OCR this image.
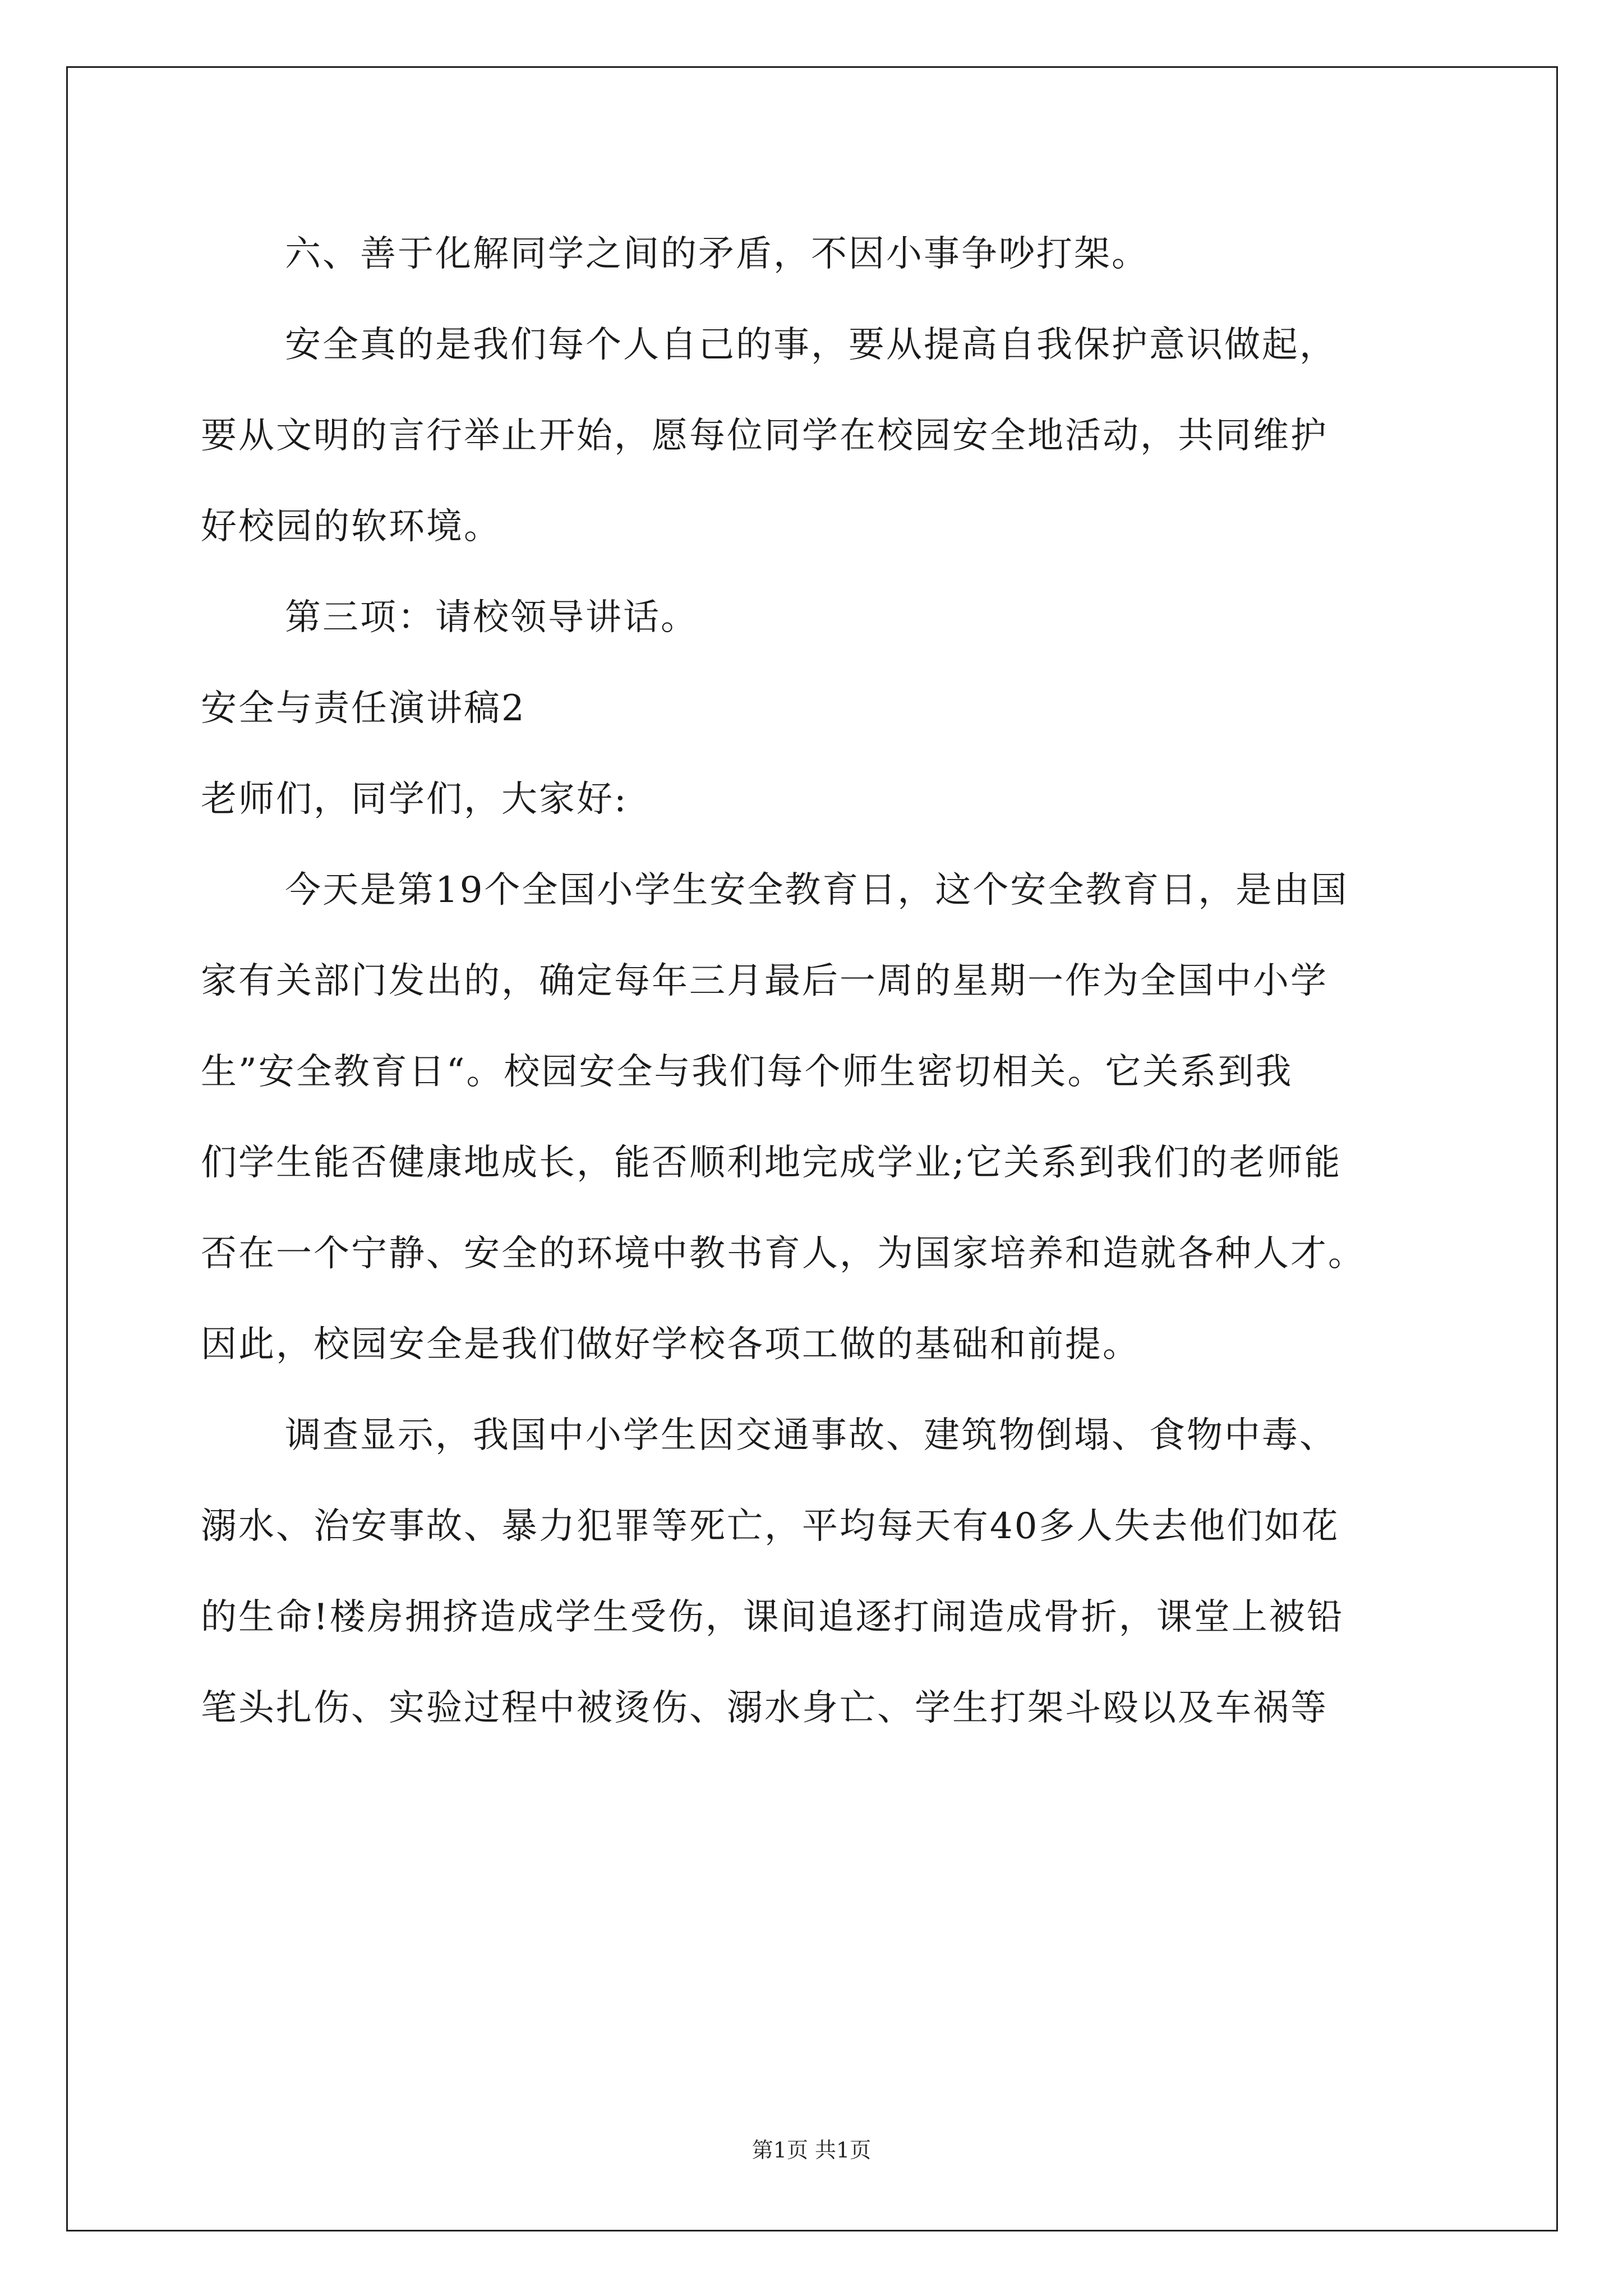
六、善于化解同学之间的矛盾，不因小事争吵打架。
安全真的是我们每个人自己的事，要从提高自我保护意识做起，
要从文明的言行举止开始，愿每位同学在校园安全地活动，共同维护
好校园的软环境。
第三项：请校领导讲话。
安全与责任演讲稿2
老师们，同学们，大家好:
今天是第19个全国小学生安全教育日，这个安全教育日，是由国
家有关部门发出的，确定每年三月最后一周的星期一作为全国中小学
生”安全教育日“。校园安全与我们每个师生密切相关。它关系到我
们学生能否健康地成长，能否顺利地完成学业;它关系到我们的老师能
否在一个宁静、安全的环境中教书育人，为国家培养和造就各种人才。
因此，校园安全是我们做好学校各项工做的基础和前提。
调查显示，我国中小学生因交通事故、建筑物倒塌、食物中毒、
溺水、治安事故、暴力犯罪等死亡，平均每天有40多人失去他们如花
的生命!楼房拥挤造成学生受伤，课间追逐打闹造成骨折，课堂上被铅
笔头扎伤、实验过程中被烫伤、溺水身亡、学生打架斗殴以及车祸等
第1页 共1页
